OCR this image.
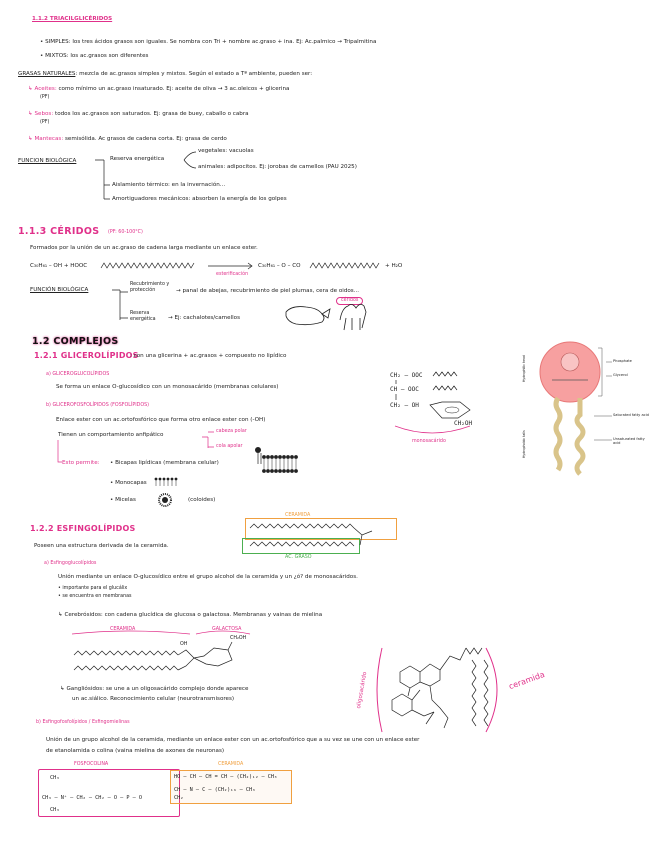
1.1.2 TRIACILGLICÉRIDOS
• SIMPLES: los tres ácidos grasos son iguales. Se nombra con Tri + nombre ac.graso + ina. Ej: Ac.palmico → Tripalmitina
• MIXTOS: los ac.grasos son diferentes
GRASAS NATURALES: mezcla de ac.grasos simples y mixtos. Según el estado a Tª ambiente, pueden ser:
↳ Aceites: como mínimo un ac.graso insaturado. Ej: aceite de oliva → 3 ac.oleicos + glicerina
(PF)
↳ Sebos: todos los ac.grasos son saturados. Ej: grasa de buey, caballo o cabra
(PF)
↳ Mantecas: semisólida. Ac grasos de cadena corta. Ej: grasa de cerdo
FUNCION BIOLÓGICA	Reserva energética
vegetales: vacuolas
animales: adipocitos. Ej: jorobas de camellos (PAU 2025)
Aislamiento térmico: en la invernación...
Amortiguadores mecánicos: absorben la energía de los golpes
1.1.3 CÉRIDOS (PF: 60-100°C)
Formados por la unión de un ac.graso de cadena larga mediante un enlace ester.
C₃₀H₆₁ – OH + HOOC
esterificación
C₃₀H₆₁ – O – CO	+ H₂O
FUNCIÓN BIOLÓGICA
Recubrimiento y protección	→ panal de abejas, recubrimiento de piel plumas, cera de oidos...
céridos
Reserva energética	→ Ej: cachalotes/camellos
1.2 COMPLEJOS
1.2.1 GLICEROLÍPIDOS
: con una glicerina + ac.grasos + compuesto no lipídico
a) GLICEROGLUCOLÍPIDOS
Se forma un enlace O-glucosídico con un monosacárido (membranas celulares)
b) GLICEROFOSFOLÍPIDOS (FOSFOLÍPIDOS)
Enlace ester con un ac.ortofosfórico que forma otro enlace ester con (-OH)
Tienen un comportamiento anfipático
cabeza polar
cola apolar
Esto permite: • Bicapas lipídicas (membrana celular)
• Monocapas
• Micelas	(coloides)
CH₂ – OOC
CH – OOC
CH₂ – OH
CH₂OH
monosacárido
Phosphate
Glycerol
Saturated fatty acid
Unsaturated fatty acid
Hydrophilic head
Hydrophobic tails
1.2.2 ESFINGOLÍPIDOS
Poseen una estructura derivada de la ceramida.
CERAMIDA
AC. GRASO
a) Esfingoglucolípidos
Unión mediante un enlace O-glucosídico entre el grupo alcohol de la ceramida y un ¿ó? de monosacáridos.
• importante para el glucálix
• se encuentra en membranas
↳ Cerebrósidos: con cadena glucídica de glucosa o galactosa. Membranas y vainas de mielina
CERAMIDA	GALACTOSA
OH
CH₂OH
↳ Gangliósidos: se une a un oligosacárido complejo donde aparece
un ac.siálico. Reconocimiento celular (neurotransmisores)	oligosacárido	ceramida
b) Esfingofosfolípidos / Esfingomielinas
Unión de un grupo alcohol de la ceramida, mediante un enlace ester con un ac.ortofosfórico que a su vez se une con un enlace ester
de etanolamida o colina (vaina mielina de axones de neuronas)
FOSFOCOLINA	CERAMIDA
HO – CH – CH = CH – (CH₂)₁₂ – CH₃
CH – N – C – (CH₂)₁₆ – CH₃
CH₃
CH₃ – N⁺ – CH₂ – CH₂ – O – P – O
CH₃
CH₂
